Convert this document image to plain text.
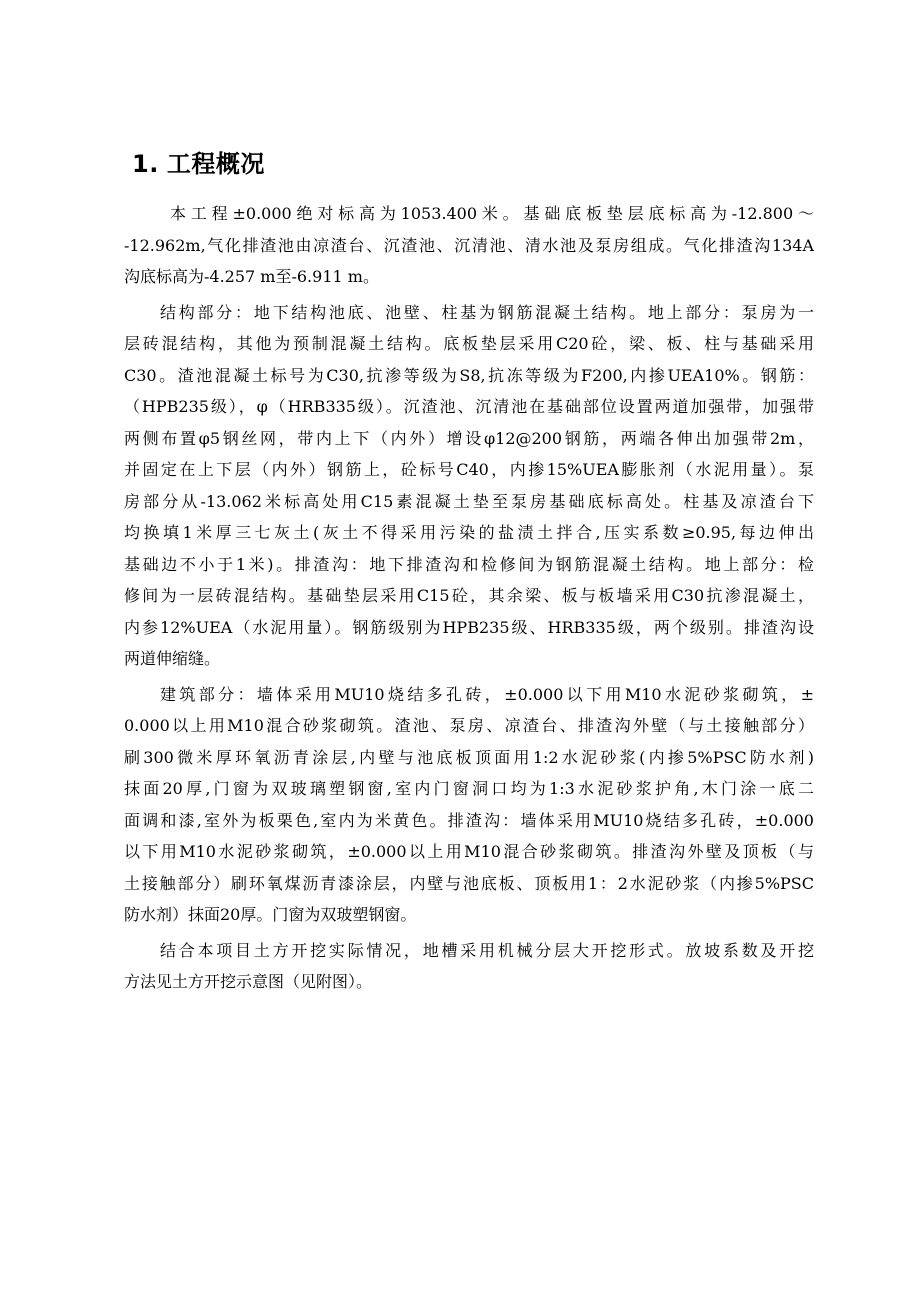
1. 工程概况

本工程±0.000绝对标高为1053.400米。基础底板垫层底标高为-12.800～
-12.962m,气化排渣池由凉渣台、沉渣池、沉清池、清水池及泵房组成。气化排渣沟134A
沟底标高为-4.257 m至-6.911 m。

结构部分：地下结构池底、池壁、柱基为钢筋混凝土结构。地上部分：泵房为一
层砖混结构，其他为预制混凝土结构。底板垫层采用C20砼，梁、板、柱与基础采用
C30。渣池混凝土标号为C30,抗渗等级为S8,抗冻等级为F200,内掺UEA10%。钢筋：
（HPB235级），φ（HRB335级）。沉渣池、沉清池在基础部位设置两道加强带，加强带
两侧布置φ5钢丝网，带内上下（内外）增设φ12@200钢筋，两端各伸出加强带2m，
并固定在上下层（内外）钢筋上，砼标号C40，内掺15%UEA膨胀剂（水泥用量）。泵
房部分从-13.062米标高处用C15素混凝土垫至泵房基础底标高处。柱基及凉渣台下
均换填1米厚三七灰土(灰土不得采用污染的盐渍土拌合,压实系数≥0.95,每边伸出
基础边不小于1米)。排渣沟：地下排渣沟和检修间为钢筋混凝土结构。地上部分：检
修间为一层砖混结构。基础垫层采用C15砼，其余梁、板与板墙采用C30抗渗混凝土，
内参12%UEA（水泥用量）。钢筋级别为HPB235级、HRB335级，两个级别。排渣沟设
两道伸缩缝。

建筑部分：墙体采用MU10烧结多孔砖，±0.000以下用M10水泥砂浆砌筑，±
0.000以上用M10混合砂浆砌筑。渣池、泵房、凉渣台、排渣沟外壁（与土接触部分）
刷300微米厚环氧沥青涂层,内壁与池底板顶面用1:2水泥砂浆(内掺5%PSC防水剂)
抹面20厚,门窗为双玻璃塑钢窗,室内门窗洞口均为1:3水泥砂浆护角,木门涂一底二
面调和漆,室外为板栗色,室内为米黄色。排渣沟：墙体采用MU10烧结多孔砖，±0.000
以下用M10水泥砂浆砌筑，±0.000以上用M10混合砂浆砌筑。排渣沟外壁及顶板（与
土接触部分）刷环氧煤沥青漆涂层，内壁与池底板、顶板用1：2水泥砂浆（内掺5%PSC
防水剂）抹面20厚。门窗为双玻塑钢窗。

结合本项目土方开挖实际情况，地槽采用机械分层大开挖形式。放坡系数及开挖
方法见土方开挖示意图（见附图）。
